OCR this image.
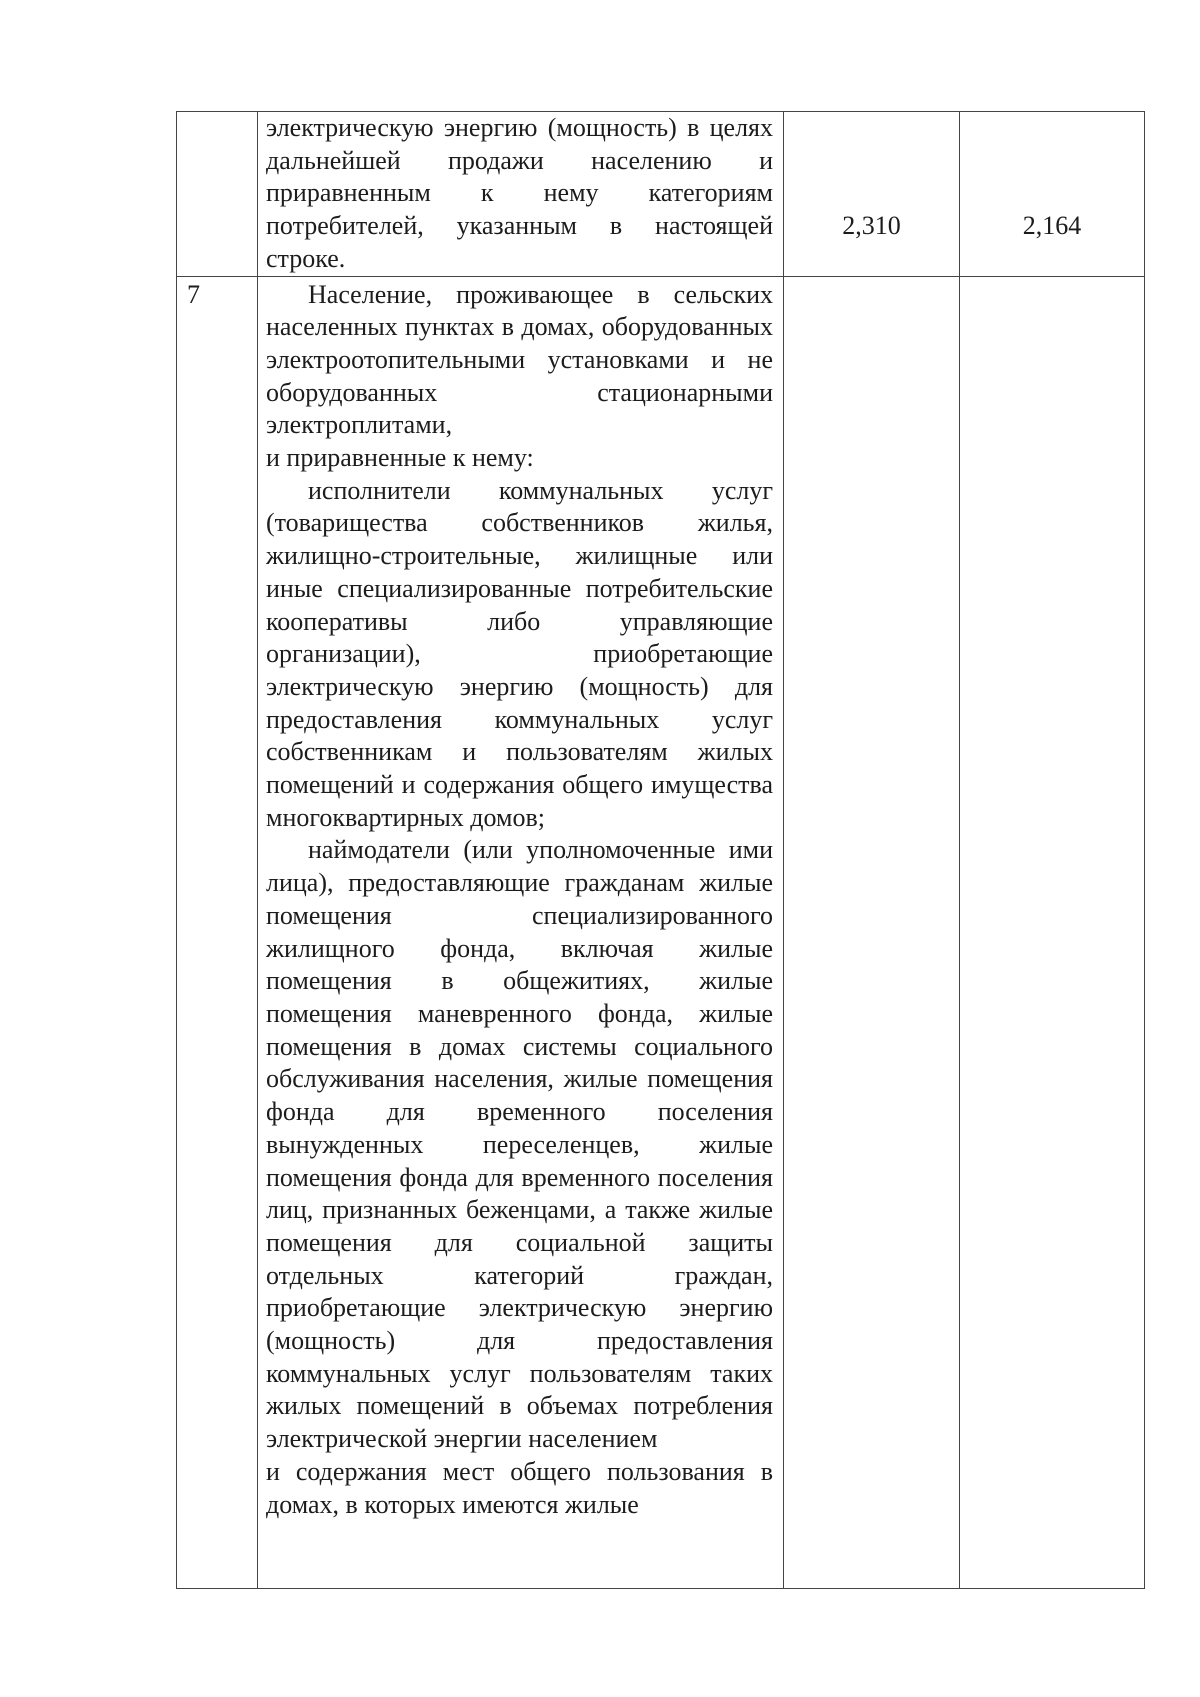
	электрическую энергию (мощность) в целях дальнейшей продажи населению и приравненным к нему категориям потребителей, указанным в настоящей строке.	2,310	2,164

7	Население, проживающее в сельских населенных пунктах в домах, оборудованных электроотопительными установками и не оборудованных стационарными электроплитами,

и приравненные к нему:

исполнители коммунальных услуг (товарищества собственников жилья, жилищно-строительные, жилищные или иные специализированные потребительские кооперативы либо управляющие организации), приобретающие электрическую энергию (мощность) для предоставления коммунальных услуг собственникам и пользователям жилых помещений и содержания общего имущества многоквартирных домов;

наймодатели (или уполномоченные ими лица), предоставляющие гражданам жилые помещения специализированного жилищного фонда, включая жилые помещения в общежитиях, жилые помещения маневренного фонда, жилые помещения в домах системы социального обслуживания населения, жилые помещения фонда для временного поселения вынужденных переселенцев, жилые помещения фонда для временного поселения лиц, признанных беженцами, а также жилые помещения для социальной защиты отдельных категорий граждан, приобретающие электрическую энергию (мощность) для предоставления коммунальных услуг пользователям таких жилых помещений в объемах потребления электрической энергии населением

и содержания мест общего пользования в домах, в которых имеются жилые		
